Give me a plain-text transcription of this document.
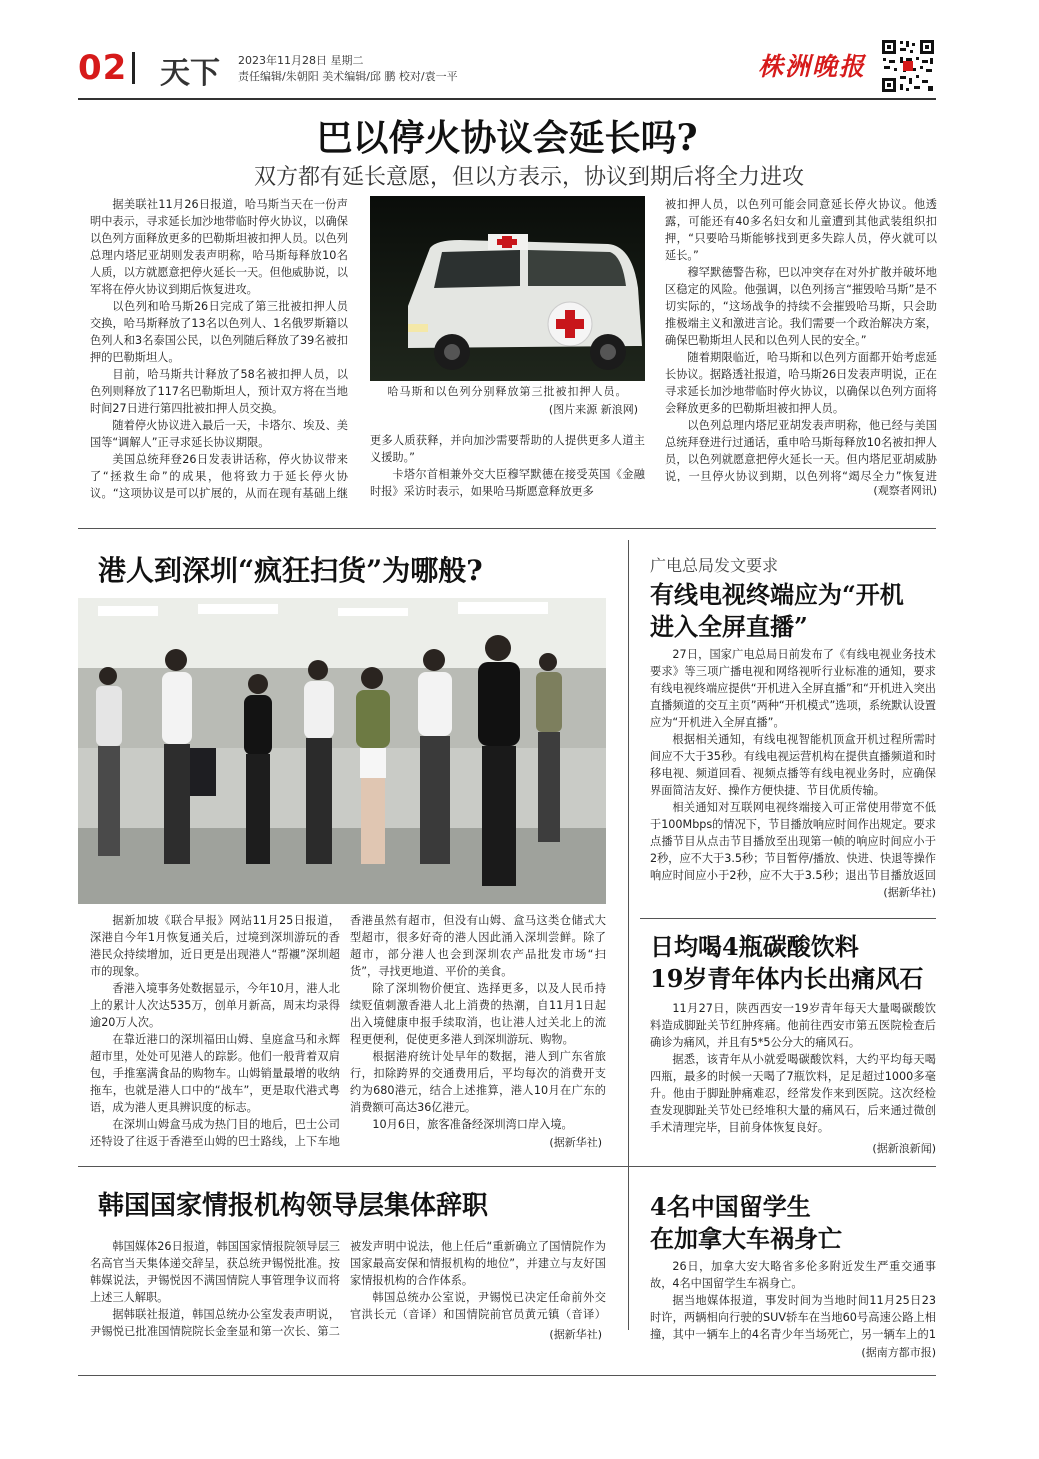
02 天下 2023年11月28日 星期二
责任编辑/朱朝阳 美术编辑/邱 鹏 校对/袁一平	株洲晚报
巴以停火协议会延长吗?
双方都有延长意愿，但以方表示，协议到期后将全力进攻

据美联社11月26日报道，哈马斯当天在一份声明中表示，寻求延长加沙地带临时停火协议，以确保以色列方面释放更多的巴勒斯坦被扣押人员。以色列总理内塔尼亚胡则发表声明称，哈马斯每释放10名人质，以方就愿意把停火延长一天。但他威胁说，以军将在停火协议到期后恢复进攻。

以色列和哈马斯26日完成了第三批被扣押人员交换，哈马斯释放了13名以色列人、1名俄罗斯籍以色列人和3名泰国公民，以色列随后释放了39名被扣押的巴勒斯坦人。

目前，哈马斯共计释放了58名被扣押人员，以色列则释放了117名巴勒斯坦人，预计双方将在当地时间27日进行第四批被扣押人员交换。

随着停火协议进入最后一天，卡塔尔、埃及、美国等“调解人”正寻求延长协议期限。

美国总统拜登26日发表讲话称，停火协议带来了“拯救生命”的成果，他将致力于延长停火协议。“这项协议是可以扩展的，从而在现有基础上继

哈马斯和以色列分别释放第三批被扣押人员。
(图片来源 新浪网)

更多人质获释，并向加沙需要帮助的人提供更多人道主义援助。”

卡塔尔首相兼外交大臣穆罕默德在接受英国《金融时报》采访时表示，如果哈马斯愿意释放更多

被扣押人员，以色列可能会同意延长停火协议。他透露，可能还有40多名妇女和儿童遭到其他武装组织扣押，“只要哈马斯能够找到更多失踪人员，停火就可以延长。”

穆罕默德警告称，巴以冲突存在对外扩散并破坏地区稳定的风险。他强调，以色列扬言“摧毁哈马斯”是不切实际的，“这场战争的持续不会摧毁哈马斯，只会助推极端主义和激进言论。我们需要一个政治解决方案，确保巴勒斯坦人民和以色列人民的安全。”

随着期限临近，哈马斯和以色列方面都开始考虑延长协议。据路透社报道，哈马斯26日发表声明说，正在寻求延长加沙地带临时停火协议，以确保以色列方面将会释放更多的巴勒斯坦被扣押人员。

以色列总理内塔尼亚胡发表声明称，他已经与美国总统拜登进行过通话，重申哈马斯每释放10名被扣押人员，以色列就愿意把停火延长一天。但内塔尼亚胡威胁说，一旦停火协议到期，以色列将“竭尽全力”恢复进

(观察者网讯)
港人到深圳“疯狂扫货”为哪般?

据新加坡《联合早报》网站11月25日报道，深港自今年1月恢复通关后，过境到深圳游玩的香港民众持续增加，近日更是出现港人“帮襯”深圳超市的现象。

香港入境事务处数据显示，今年10月，港人北上的累计人次达535万，创单月新高，周末均录得逾20万人次。

在靠近港口的深圳福田山姆、皇庭盒马和永辉超市里，处处可见港人的踪影。他们一般背着双肩包，手推塞满食品的购物车。山姆销量最增的收纳拖车，也就是港人口中的“战车”，更是取代港式粤语，成为港人更具辨识度的标志。

在深圳山姆盒马成为热门目的地后，巴士公司还特设了往返于香港至山姆的巴士路线，上下车地

香港虽然有超市，但没有山姆、盒马这类仓储式大型超市，很多好奇的港人因此涌入深圳尝鲜。除了超市，部分港人也会到深圳农产品批发市场“扫货”，寻找更地道、平价的美食。

除了深圳物价便宜、选择更多，以及人民币持续贬值刺激香港人北上消费的热潮，自11月1日起出入境健康申报手续取消，也让港人过关北上的流程更便利，促使更多港人到深圳游玩、购物。

根据港府统计处早年的数据，港人到广东省旅行，扣除跨界的交通费用后，平均每次的消费开支约为680港元，结合上述推算，港人10月在广东的消费额可高达36亿港元。

10月6日，旅客准备经深圳湾口岸入境。

(据新华社)
广电总局发文要求
有线电视终端应为“开机
进入全屏直播”

27日，国家广电总局日前发布了《有线电视业务技术要求》等三项广播电视和网络视听行业标准的通知，要求有线电视终端应提供“开机进入全屏直播”和“开机进入突出直播频道的交互主页”两种“开机模式”选项，系统默认设置应为“开机进入全屏直播”。

根据相关通知，有线电视智能机顶盒开机过程所需时间应不大于35秒。有线电视运营机构在提供直播频道和时移电视、频道回看、视频点播等有线电视业务时，应确保界面简洁友好、操作方便快捷、节目优质传输。

相关通知对互联网电视终端接入可正常使用带宽不低于100Mbps的情况下，节目播放响应时间作出规定。要求点播节目从点击节目播放至出现第一帧的响应时间应小于2秒，应不大于3.5秒；节目暂停/播放、快进、快退等操作响应时间应小于2秒，应不大于3.5秒；退出节目播放返回

(据新华社)
日均喝4瓶碳酸饮料
19岁青年体内长出痛风石

11月27日，陕西西安一19岁青年每天大量喝碳酸饮料造成脚趾关节红肿疼痛。他前往西安市第五医院检查后确诊为痛风，并且有5*5公分大的痛风石。

据悉，该青年从小就爱喝碳酸饮料，大约平均每天喝四瓶，最多的时候一天喝了7瓶饮料，足足超过1000多毫升。他由于脚趾肿痛难忍，经常发作来到医院。这次经检查发现脚趾关节处已经堆积大量的痛风石，后来通过微创手术清理完毕，目前身体恢复良好。

(据新浪新闻)
韩国国家情报机构领导层集体辞职

韩国媒体26日报道，韩国国家情报院领导层三名高官当天集体递交辞呈，获总统尹锡悦批准。按韩媒说法，尹锡悦因不满国情院人事管理争议而将上述三人解职。

据韩联社报道，韩国总统办公室发表声明说，尹锡悦已批准国情院院长金奎显和第一次长、第二

被发声明中说法，他上任后“重新确立了国情院作为国家最高安保和情报机构的地位”，并建立与友好国家情报机构的合作体系。

韩国总统办公室说，尹锡悦已决定任命前外交官洪长元（音译）和国情院前官员黄元镇（音译）

(据新华社)
4名中国留学生
在加拿大车祸身亡

26日，加拿大安大略省多伦多附近发生严重交通事故，4名中国留学生车祸身亡。

据当地媒体报道，事发时间为当地时间11月25日23时许，两辆相向行驶的SUV轿车在当地60号高速公路上相撞，其中一辆车上的4名青少年当场死亡，另一辆车上的1

(据南方都市报)
